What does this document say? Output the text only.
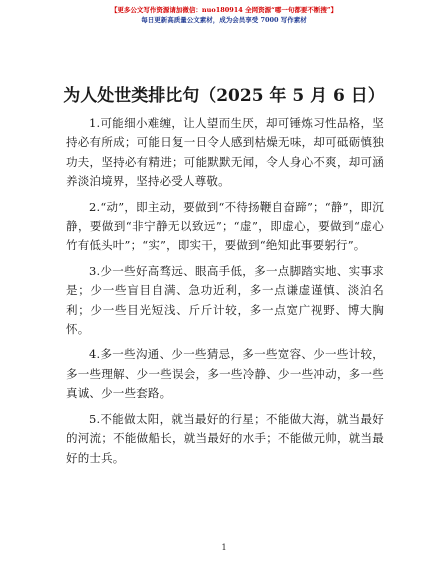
【更多公文写作资源请加微信：nuo180914 全网资源“哪一句都要不断搜”】
每日更新高质量公文素材，成为会员享受 7000 写作素材
为人处世类排比句（2025 年 5 月 6 日）

1.可能细小难缠，让人望而生厌，却可锤炼习性品格，坚持必有所成；可能日复一日令人感到枯燥无味，却可砥砺慎独功夫，坚持必有精进；可能默默无闻，令人身心不爽，却可涵养淡泊境界，坚持必受人尊敬。

2.“动”，即主动，要做到“不待扬鞭自奋蹄”；“静”，即沉静，要做到“非宁静无以致远”；“虚”，即虚心，要做到“虚心竹有低头叶”；“实”，即实干，要做到“绝知此事要躬行”。

3.少一些好高骛远、眼高手低，多一点脚踏实地、实事求是；少一些盲目自满、急功近利，多一点谦虚谨慎、淡泊名利；少一些目光短浅、斤斤计较，多一点宽广视野、博大胸怀。

4.多一些沟通、少一些猜忌，多一些宽容、少一些计较，多一些理解、少一些误会，多一些冷静、少一些冲动，多一些真诚、少一些套路。

5.不能做太阳，就当最好的行星；不能做大海，就当最好的河流；不能做船长，就当最好的水手；不能做元帅，就当最好的士兵。

1
